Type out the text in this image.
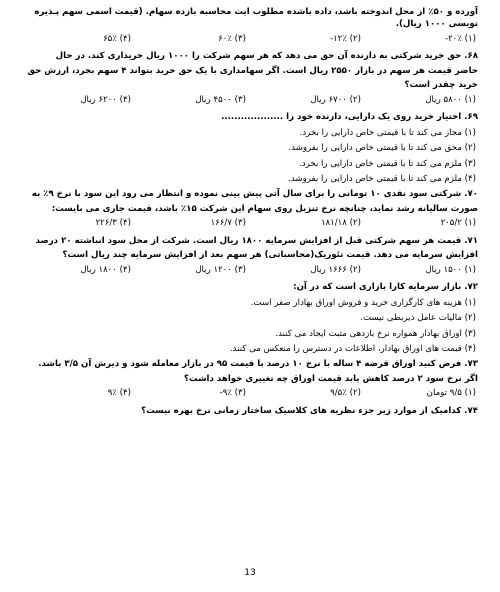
آورده و ۵۰٪ از محل اندوخته باشد، داده باشده مطلوب ایت محاسبه بازده سهام. (قیمت اسمی سهم پـذیره

نویسی ۱۰۰۰ ریال).

(۱) ۲۰٪-
(۲) ۱۲٪-
(۳) ۶۰٪
(۴) ۶۵٪

۶۸. حق خرید شرکتی به دارنده آن حق می دهد که هر سهم شرکت را ۱۰۰۰ ریال خریداری کند. در حال

حاضر قیمت هر سهم در بازار ۲۵۵۰ ریال است. اگر سهامداری با یک حق خرید بتواند ۴ سهم بخرد، ارزش حق

خرید چقدر است؟

(۱) ۵۸۰۰ ریال
(۲) ۶۷۰۰ ریال
(۳) ۴۵۰۰ ریال
(۴) ۶۲۰۰ ریال

۶۹. اختیار خرید روی یک دارایی، دارنده خود را ...................

(۱) مجاز می کند تا با قیمتی خاص دارایی را بخرد.

(۲) محق می کند تا با قیمتی خاص دارایی را بفروشد.

(۳) ملزم می کند تا با قیمتی خاص دارایی را بخرد.

(۴) ملزم می کند تا با قیمتی خاص دارایی را بفروشد.

۷۰. شرکتی سود نقدی ۱۰ تومانی را برای سال آتی پیش بینی نموده و انتظار می رود این سود با نرخ ۹٪ به

صورت سالیانه رشد نماید، چنانچه نرخ تنزیل روی سهام این شرکت ۱۵٪ باشد، قیمت جاری می بایست:

(۱) ۲۰۵/۲
(۲) ۱۸۱/۱۸
(۳) ۱۶۶/۷
(۴) ۲۲۶/۳

۷۱. قیمت هر سهم شرکتی قبل از افزایش سرمایه ۱۸۰۰ ریال است. شرکت از محل سود انباشته ۲۰ درصد

افزایش سرمایه می دهد. قیمت تئوریک(محاسباتی) هر سهم بعد از افزایش سرمایه چند ریال است؟

(۱) ۱۵۰۰ ریال
(۲) ۱۶۶۶ ریال
(۳) ۱۲۰۰ ریال
(۴) ۱۸۰۰ ریال

۷۲. بازار سرمایه کارا بازاری است که در آن:

(۱) هزینه های کارگزاری خرید و فروش اوراق بهادار صفر است.

(۲) مالیات عامل ذیربطی نیست.

(۳) اوراق بهادار همواره نرخ بازدهی مثبت ایجاد می کنند.

(۴) قیمت های اوراق بهادار، اطلاعات در دسترس را منعکس می کنند.

۷۳. فرض کنید اوراق قرضه ۴ ساله با نرخ ۱۰ درصد با قیمت ۹۵ در بازار معامله شود و دیرش آن ۳/۵ باشد.

اگر نرخ سود ۲ درصد کاهش یابد قیمت اوراق چه تغییری خواهد داشت؟

(۱) ۹/۵ تومان
(۲) ۹/۵٪
(۳) ۹٪-
(۴) ۹٪

۷۴. کدامیک از موارد زیر جزء نظریه های کلاسیک ساختار زمانی نرخ بهره نیست؟

13
